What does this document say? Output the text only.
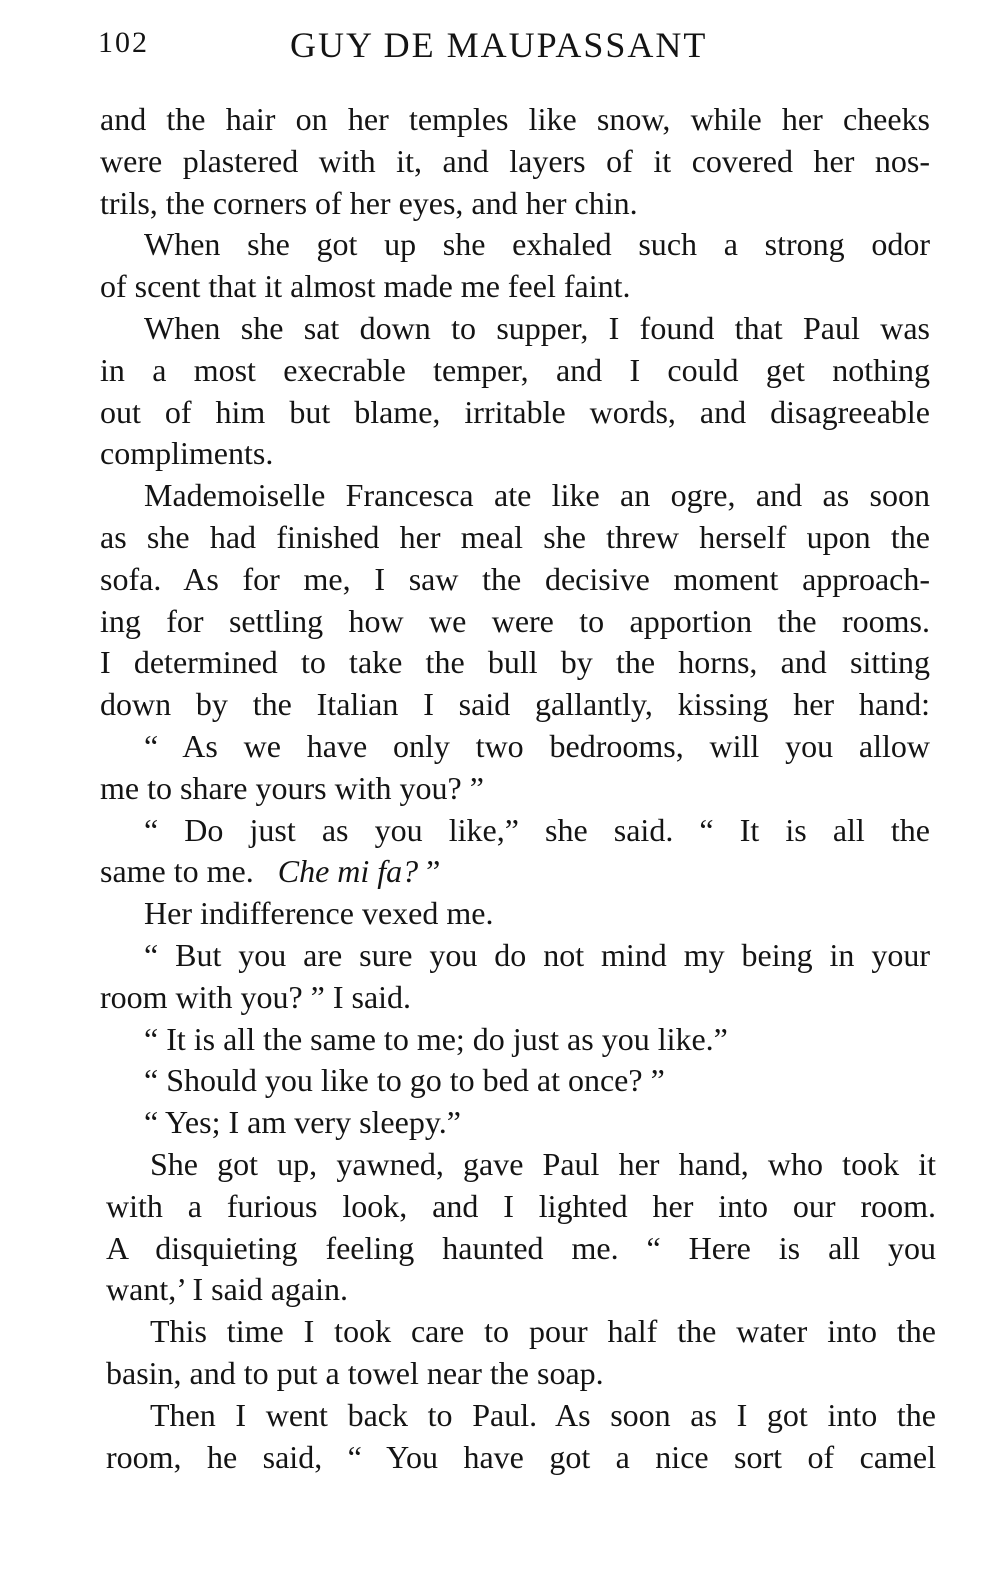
102	GUY DE MAUPASSANT
and the hair on her temples like snow, while her cheeks
were plastered with it, and layers of it covered her nos-
trils, the corners of her eyes, and her chin.
When she got up she exhaled such a strong odor
of scent that it almost made me feel faint.
When she sat down to supper, I found that Paul was
in a most execrable temper, and I could get nothing
out of him but blame, irritable words, and disagreeable
compliments.
Mademoiselle Francesca ate like an ogre, and as soon
as she had finished her meal she threw herself upon the
sofa. As for me, I saw the decisive moment approach-
ing for settling how we were to apportion the rooms.
I determined to take the bull by the horns, and sitting
down by the Italian I said gallantly, kissing her hand:
“ As we have only two bedrooms, will you allow
me to share yours with you? ”
“ Do just as you like,” she said. “ It is all the
same to me. Che mi fa? ”
Her indifference vexed me.
“ But you are sure you do not mind my being in your
room with you? ” I said.
“ It is all the same to me; do just as you like.”
“ Should you like to go to bed at once? ”
“ Yes; I am very sleepy.”
She got up, yawned, gave Paul her hand, who took it
with a furious look, and I lighted her into our room.
A disquieting feeling haunted me. “ Here is all you
want,’ I said again.
This time I took care to pour half the water into the
basin, and to put a towel near the soap.
Then I went back to Paul. As soon as I got into the
room, he said, “ You have got a nice sort of camel
